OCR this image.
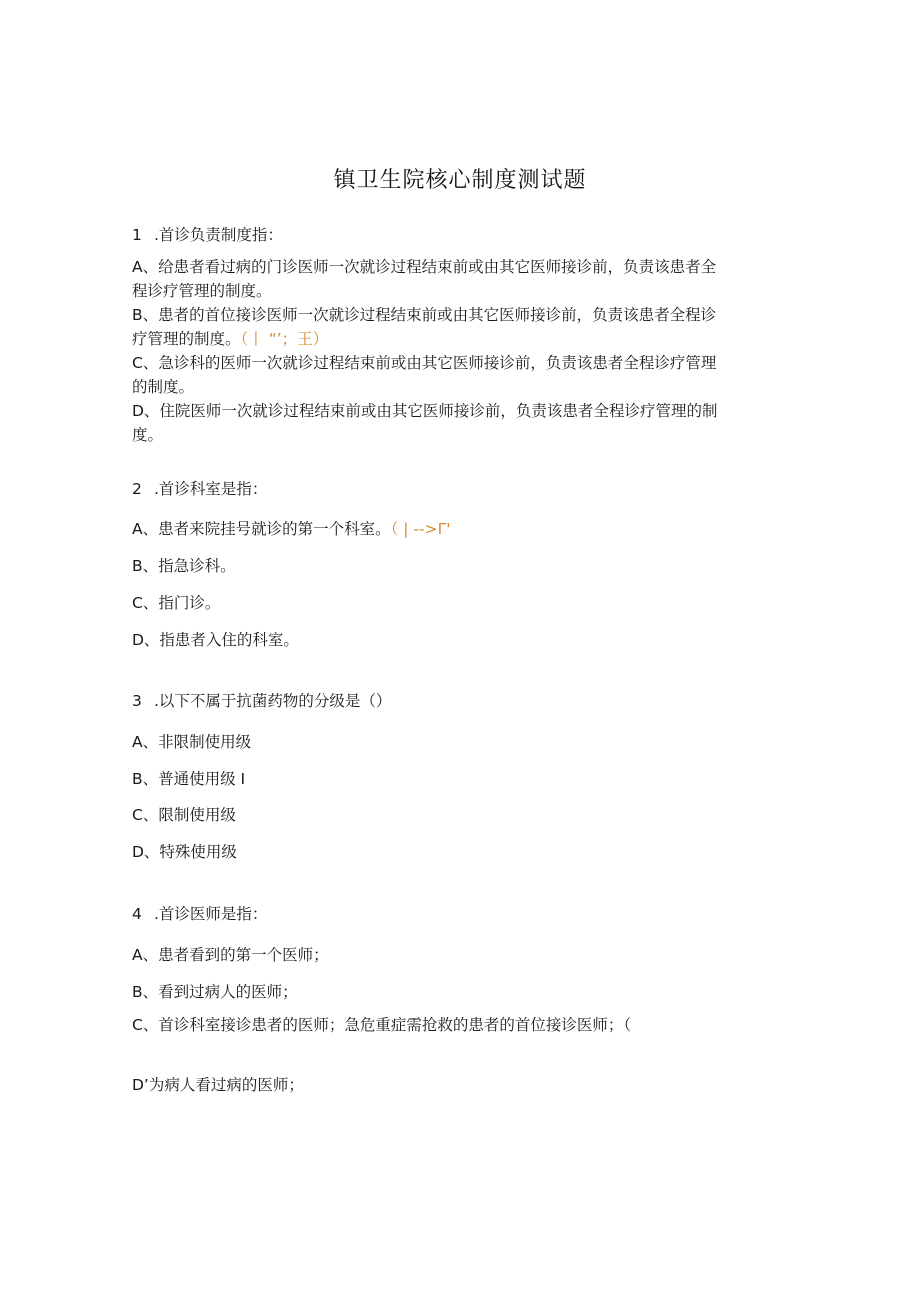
镇卫生院核心制度测试题
1 .首诊负责制度指：
A、给患者看过病的门诊医师一次就诊过程结束前或由其它医师接诊前，负责该患者全
程诊疗管理的制度。
B、患者的首位接诊医师一次就诊过程结束前或由其它医师接诊前，负责该患者全程诊
疗管理的制度。（丨 “’；王）
C、急诊科的医师一次就诊过程结束前或由其它医师接诊前，负责该患者全程诊疗管理
的制度。
D、住院医师一次就诊过程结束前或由其它医师接诊前，负责该患者全程诊疗管理的制
度。
2 .首诊科室是指：
A、患者来院挂号就诊的第一个科室。（ | -->Γ'
B、指急诊科。
C、指门诊。
D、指患者入住的科室。
3 .以下不属于抗菌药物的分级是（）
A、非限制使用级
B、普通使用级 I
C、限制使用级
D、特殊使用级
4 .首诊医师是指：
A、患者看到的第一个医师；
B、看到过病人的医师；
C、首诊科室接诊患者的医师；急危重症需抢救的患者的首位接诊医师；（
D’为病人看过病的医师；
